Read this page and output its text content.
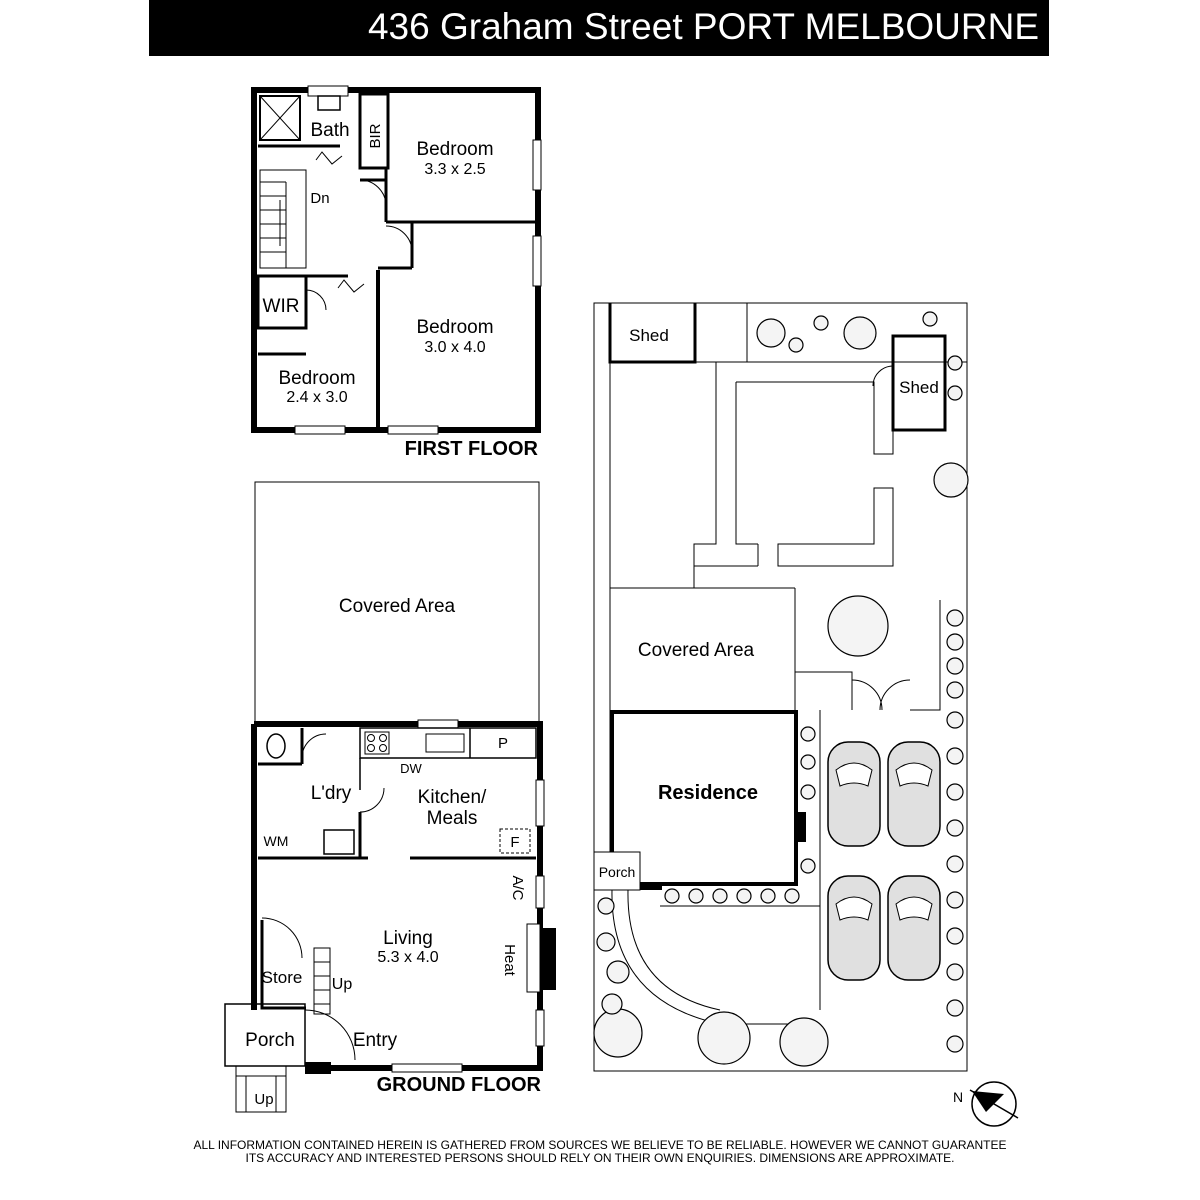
436 Graham Street PORT MELBOURNE
Bath BIR
Bedroom
3.3 x 2.5
Dn
WIR
Bedroom
3.0 x 4.0
Bedroom
2.4 x 3.0
FIRST FLOOR
Covered Area
L'dry
WM
DW
P
F
Kitchen/
Meals
A/C
Living
5.3 x 4.0	Heat
Store Up
Porch	Entry
Up
GROUND FLOOR
Shed
Shed
Covered Area
Residence
Porch
N
ALL INFORMATION CONTAINED HEREIN IS GATHERED FROM SOURCES WE BELIEVE TO BE RELIABLE. HOWEVER WE CANNOT GUARANTEE
ITS ACCURACY AND INTERESTED PERSONS SHOULD RELY ON THEIR OWN ENQUIRIES. DIMENSIONS ARE APPROXIMATE.
